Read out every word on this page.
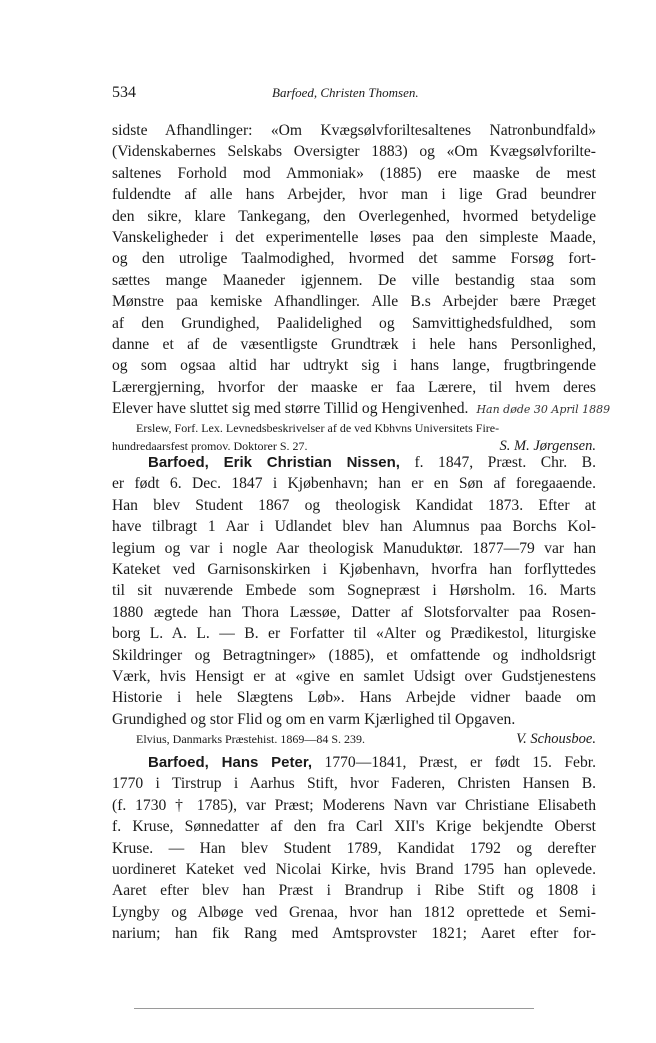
534	Barfoed, Christen Thomsen.
sidste Afhandlinger: «Om Kvægsølvforiltesaltenes Natronbundfald»
(Videnskabernes Selskabs Oversigter 1883) og «Om Kvægsølvforilte-
saltenes Forhold mod Ammoniak» (1885) ere maaske de mest
fuldendte af alle hans Arbejder, hvor man i lige Grad beundrer
den sikre, klare Tankegang, den Overlegenhed, hvormed betydelige
Vanskeligheder i det experimentelle løses paa den simpleste Maade,
og den utrolige Taalmodighed, hvormed det samme Forsøg fort-
sættes mange Maaneder igjennem. De ville bestandig staa som
Mønstre paa kemiske Afhandlinger. Alle B.s Arbejder bære Præget
af den Grundighed, Paalidelighed og Samvittighedsfuldhed, som
danne et af de væsentligste Grundtræk i hele hans Personlighed,
og som ogsaa altid har udtrykt sig i hans lange, frugtbringende
Lærergjerning, hvorfor der maaske er faa Lærere, til hvem deres
Elever have sluttet sig med større Tillid og Hengivenhed. Han døde 30 April 1889
Erslew, Forf. Lex. Levnedsbeskrivelser af de ved Kbhvns Universitets Fire-
hundredaarsfest promov. Doktorer S. 27.	S. M. Jørgensen.
Barfoed, Erik Christian Nissen, f. 1847, Præst. Chr. B.
er født 6. Dec. 1847 i Kjøbenhavn; han er en Søn af foregaaende.
Han blev Student 1867 og theologisk Kandidat 1873. Efter at
have tilbragt 1 Aar i Udlandet blev han Alumnus paa Borchs Kol-
legium og var i nogle Aar theologisk Manuduktør. 1877—79 var han
Kateket ved Garnisonskirken i Kjøbenhavn, hvorfra han forflyttedes
til sit nuværende Embede som Sognepræst i Hørsholm. 16. Marts
1880 ægtede han Thora Læssøe, Datter af Slotsforvalter paa Rosen-
borg L. A. L. — B. er Forfatter til «Alter og Prædikestol, liturgiske
Skildringer og Betragtninger» (1885), et omfattende og indholdsrigt
Værk, hvis Hensigt er at «give en samlet Udsigt over Gudstjenestens
Historie i hele Slægtens Løb». Hans Arbejde vidner baade om
Grundighed og stor Flid og om en varm Kjærlighed til Opgaven.
Elvius, Danmarks Præstehist. 1869—84 S. 239.	V. Schousboe.
Barfoed, Hans Peter, 1770—1841, Præst, er født 15. Febr.
1770 i Tirstrup i Aarhus Stift, hvor Faderen, Christen Hansen B.
(f. 1730 † 1785), var Præst; Moderens Navn var Christiane Elisabeth
f. Kruse, Sønnedatter af den fra Carl XII's Krige bekjendte Oberst
Kruse. — Han blev Student 1789, Kandidat 1792 og derefter
uordineret Kateket ved Nicolai Kirke, hvis Brand 1795 han oplevede.
Aaret efter blev han Præst i Brandrup i Ribe Stift og 1808 i
Lyngby og Albøge ved Grenaa, hvor han 1812 oprettede et Semi-
narium; han fik Rang med Amtsprovster 1821; Aaret efter for-
